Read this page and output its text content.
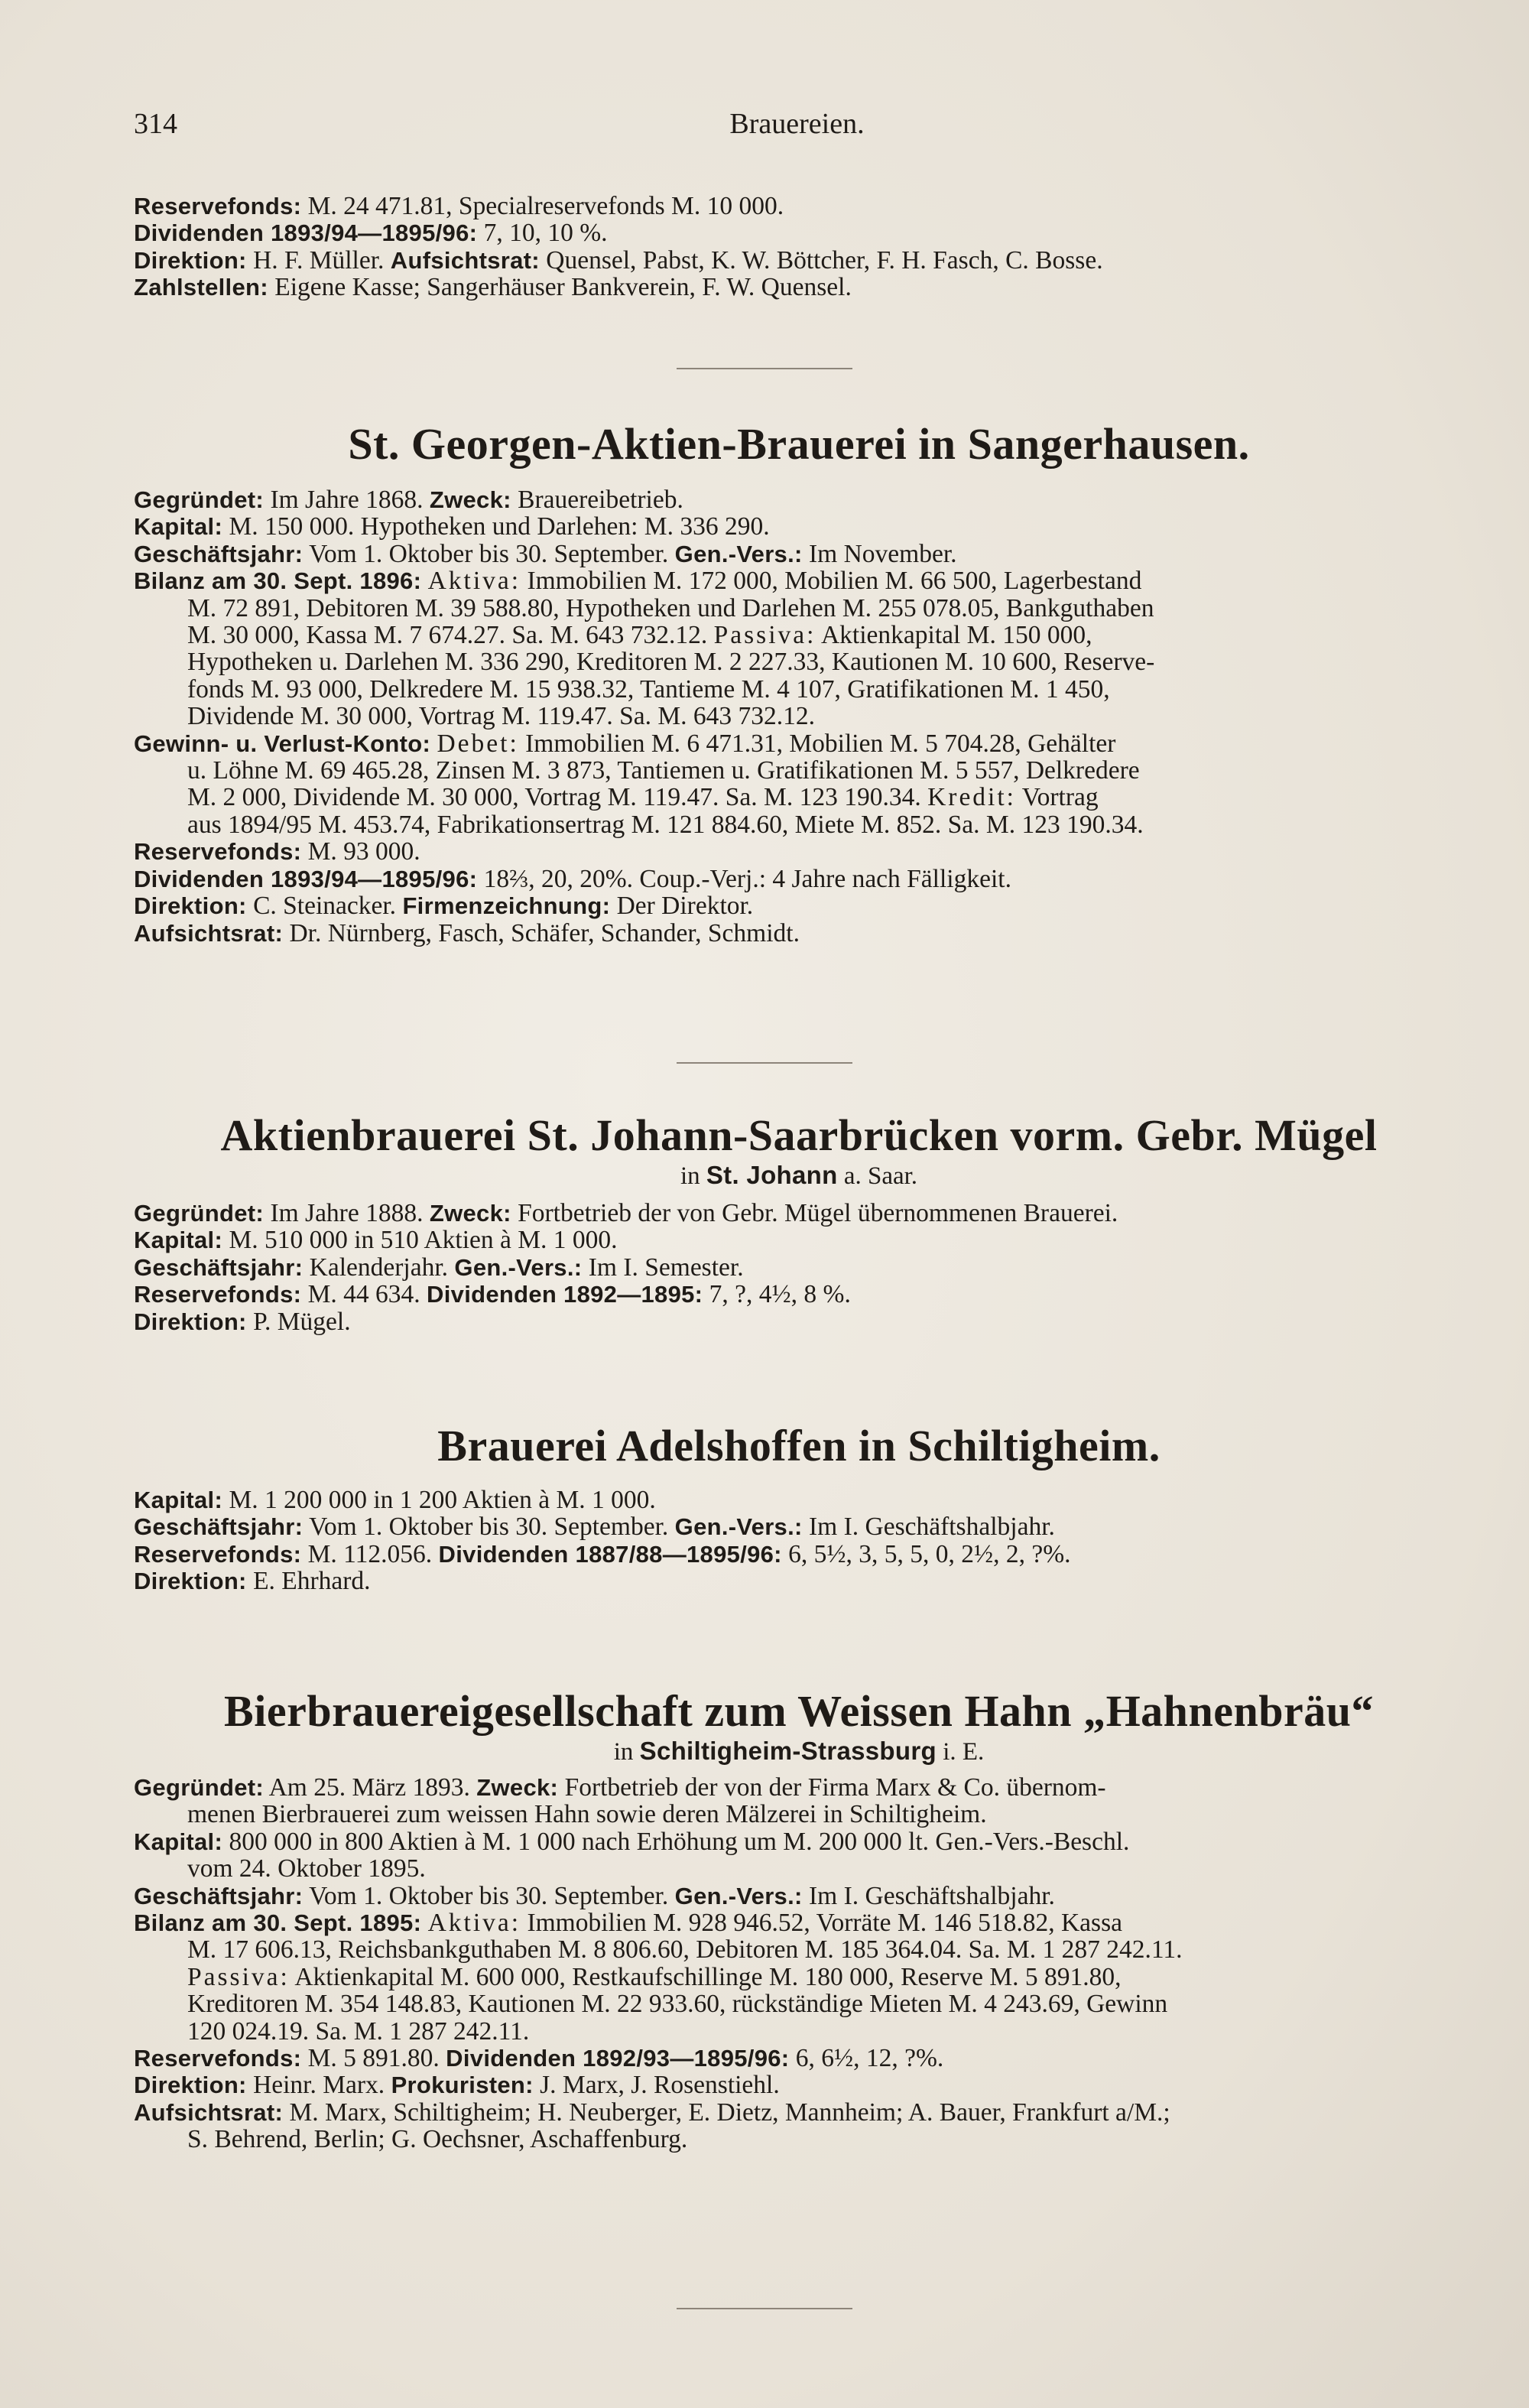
314	Brauereien.

Reservefonds: M. 24 471.81, Specialreservefonds M. 10 000.

Dividenden 1893/94—1895/96: 7, 10, 10 %.

Direktion: H. F. Müller. Aufsichtsrat: Quensel, Pabst, K. W. Böttcher, F. H. Fasch, C. Bosse.

Zahlstellen: Eigene Kasse; Sangerhäuser Bankverein, F. W. Quensel.

St. Georgen-Aktien-Brauerei in Sangerhausen.

Gegründet: Im Jahre 1868. Zweck: Brauereibetrieb.

Kapital: M. 150 000. Hypotheken und Darlehen: M. 336 290.

Geschäftsjahr: Vom 1. Oktober bis 30. September. Gen.-Vers.: Im November.

Bilanz am 30. Sept. 1896: Aktiva: Immobilien M. 172 000, Mobilien M. 66 500, Lagerbestand

M. 72 891, Debitoren M. 39 588.80, Hypotheken und Darlehen M. 255 078.05, Bankguthaben

M. 30 000, Kassa M. 7 674.27. Sa. M. 643 732.12. Passiva: Aktienkapital M. 150 000,

Hypotheken u. Darlehen M. 336 290, Kreditoren M. 2 227.33, Kautionen M. 10 600, Reserve-

fonds M. 93 000, Delkredere M. 15 938.32, Tantieme M. 4 107, Gratifikationen M. 1 450,

Dividende M. 30 000, Vortrag M. 119.47. Sa. M. 643 732.12.

Gewinn- u. Verlust-Konto: Debet: Immobilien M. 6 471.31, Mobilien M. 5 704.28, Gehälter

u. Löhne M. 69 465.28, Zinsen M. 3 873, Tantiemen u. Gratifikationen M. 5 557, Delkredere

M. 2 000, Dividende M. 30 000, Vortrag M. 119.47. Sa. M. 123 190.34. Kredit: Vortrag

aus 1894/95 M. 453.74, Fabrikationsertrag M. 121 884.60, Miete M. 852. Sa. M. 123 190.34.

Reservefonds: M. 93 000.

Dividenden 1893/94—1895/96: 18⅔, 20, 20%. Coup.-Verj.: 4 Jahre nach Fälligkeit.

Direktion: C. Steinacker. Firmenzeichnung: Der Direktor.

Aufsichtsrat: Dr. Nürnberg, Fasch, Schäfer, Schander, Schmidt.

Aktienbrauerei St. Johann-Saarbrücken vorm. Gebr. Mügel

in St. Johann a. Saar.

Gegründet: Im Jahre 1888. Zweck: Fortbetrieb der von Gebr. Mügel übernommenen Brauerei.

Kapital: M. 510 000 in 510 Aktien à M. 1 000.

Geschäftsjahr: Kalenderjahr. Gen.-Vers.: Im I. Semester.

Reservefonds: M. 44 634. Dividenden 1892—1895: 7, ?, 4½, 8 %.

Direktion: P. Mügel.

Brauerei Adelshoffen in Schiltigheim.

Kapital: M. 1 200 000 in 1 200 Aktien à M. 1 000.

Geschäftsjahr: Vom 1. Oktober bis 30. September. Gen.-Vers.: Im I. Geschäftshalbjahr.

Reservefonds: M. 112.056. Dividenden 1887/88—1895/96: 6, 5½, 3, 5, 5, 0, 2½, 2, ?%.

Direktion: E. Ehrhard.

Bierbrauereigesellschaft zum Weissen Hahn „Hahnenbräu“

in Schiltigheim-Strassburg i. E.

Gegründet: Am 25. März 1893. Zweck: Fortbetrieb der von der Firma Marx & Co. übernom-

menen Bierbrauerei zum weissen Hahn sowie deren Mälzerei in Schiltigheim.

Kapital: 800 000 in 800 Aktien à M. 1 000 nach Erhöhung um M. 200 000 lt. Gen.-Vers.-Beschl.

vom 24. Oktober 1895.

Geschäftsjahr: Vom 1. Oktober bis 30. September. Gen.-Vers.: Im I. Geschäftshalbjahr.

Bilanz am 30. Sept. 1895: Aktiva: Immobilien M. 928 946.52, Vorräte M. 146 518.82, Kassa

M. 17 606.13, Reichsbankguthaben M. 8 806.60, Debitoren M. 185 364.04. Sa. M. 1 287 242.11.

Passiva: Aktienkapital M. 600 000, Restkaufschillinge M. 180 000, Reserve M. 5 891.80,

Kreditoren M. 354 148.83, Kautionen M. 22 933.60, rückständige Mieten M. 4 243.69, Gewinn

120 024.19. Sa. M. 1 287 242.11.

Reservefonds: M. 5 891.80. Dividenden 1892/93—1895/96: 6, 6½, 12, ?%.

Direktion: Heinr. Marx. Prokuristen: J. Marx, J. Rosenstiehl.

Aufsichtsrat: M. Marx, Schiltigheim; H. Neuberger, E. Dietz, Mannheim; A. Bauer, Frankfurt a/M.;

S. Behrend, Berlin; G. Oechsner, Aschaffenburg.
